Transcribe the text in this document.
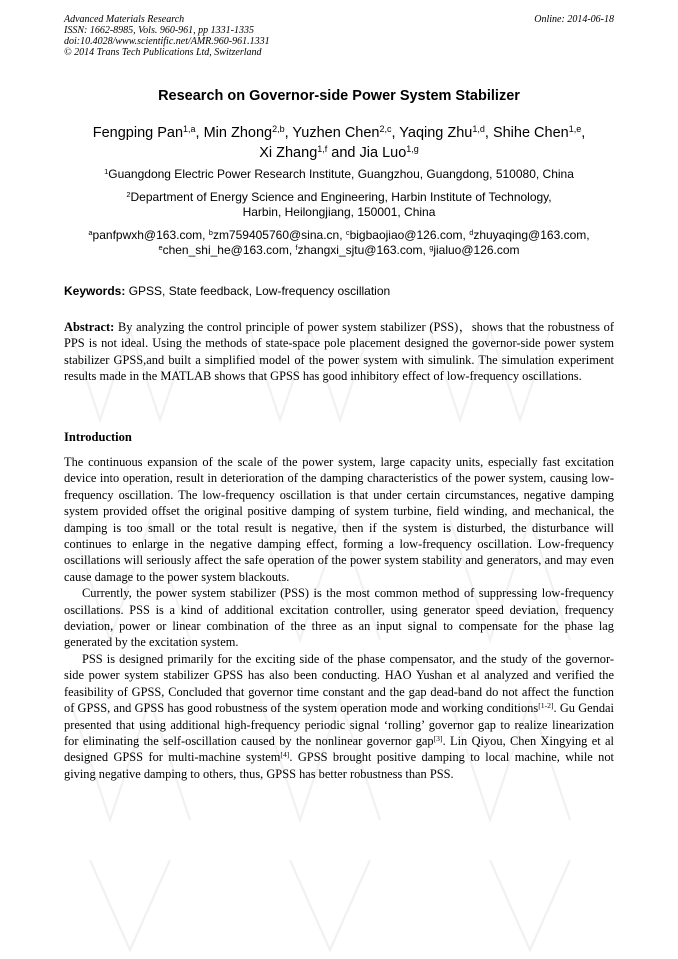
Advanced Materials Research
ISSN: 1662-8985, Vols. 960-961, pp 1331-1335
doi:10.4028/www.scientific.net/AMR.960-961.1331
© 2014 Trans Tech Publications Ltd, Switzerland
Online: 2014-06-18
Research on Governor-side Power System Stabilizer
Fengping Pan$^{1,a}$, Min Zhong$^{2,b}$, Yuzhen Chen$^{2,c}$, Yaqing Zhu$^{1,d}$, Shihe Chen$^{1,e}$,
Xi Zhang$^{1,f}$ and Jia Luo$^{1,g}$
$^1$Guangdong Electric Power Research Institute, Guangzhou, Guangdong, 510080, China
$^2$Department of Energy Science and Engineering, Harbin Institute of Technology,
Harbin, Heilongjiang, 150001, China
$^a$panfpwxh@163.com, $^b$zm759405760@sina.cn, $^c$bigbaojiao@126.com, $^d$zhuyaqing@163.com,
$^e$chen_shi_he@163.com, $^f$zhangxi_sjtu@163.com, $^g$jialuo@126.com
Keywords: GPSS, State feedback, Low-frequency oscillation

Abstract: By analyzing the control principle of power system stabilizer (PSS)，shows that the robustness of PPS is not ideal. Using the methods of state-space pole placement designed the governor-side power system stabilizer GPSS,and built a simplified model of the power system with simulink. The simulation experiment results made in the MATLAB shows that GPSS has good inhibitory effect of low-frequency oscillations.

Introduction

The continuous expansion of the scale of the power system, large capacity units, especially fast excitation device into operation, result in deterioration of the damping characteristics of the power system, causing low-frequency oscillation. The low-frequency oscillation is that under certain circumstances, negative damping system provided offset the original positive damping of system turbine, field winding, and mechanical, the damping is too small or the total result is negative, then if the system is disturbed, the disturbance will continues to enlarge in the negative damping effect, forming a low-frequency oscillation. Low-frequency oscillations will seriously affect the safe operation of the power system stability and generators, and may even cause damage to the power system blackouts.

Currently, the power system stabilizer (PSS) is the most common method of suppressing low-frequency oscillations. PSS is a kind of additional excitation controller, using generator speed deviation, frequency deviation, power or linear combination of the three as an input signal to compensate for the phase lag generated by the excitation system.

PSS is designed primarily for the exciting side of the phase compensator, and the study of the governor-side power system stabilizer GPSS has also been conducting. HAO Yushan et al analyzed and verified the feasibility of GPSS, Concluded that governor time constant and the gap dead-band do not affect the function of GPSS, and GPSS has good robustness of the system operation mode and working conditions[1-2]. Gu Gendai presented that using additional high-frequency periodic signal ‘rolling’ governor gap to realize linearization for eliminating the self-oscillation caused by the nonlinear governor gap[3]. Lin Qiyou, Chen Xingying et al designed GPSS for multi-machine system[4]. GPSS brought positive damping to local machine, while not giving negative damping to others, thus, GPSS has better robustness than PSS.
